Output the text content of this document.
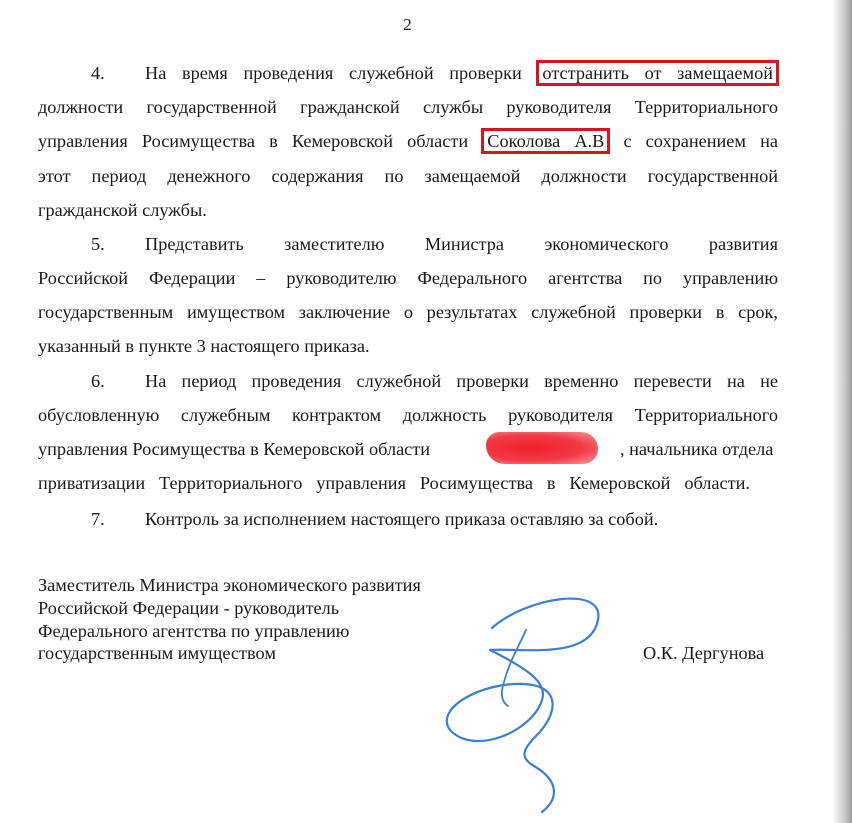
2
4. На время проведения служебной проверки отстранить от замещаемой
должности государственной гражданской службы руководителя Территориального
управления Росимущества в Кемеровской области Соколова А.В с сохранением на
этот период денежного содержания по замещаемой должности государственной
гражданской службы.
5. Представить заместителю Министра экономического развития
Российской Федерации – руководителю Федерального агентства по управлению
государственным имуществом заключение о результатах служебной проверки в срок,
указанный в пункте 3 настоящего приказа.
6. На период проведения служебной проверки временно перевести на не
обусловленную служебным контрактом должность руководителя Территориального
управления Росимущества в Кемеровской области	, начальника отдела
приватизации Территориального управления Росимущества в Кемеровской области.
7. Контроль за исполнением настоящего приказа оставляю за собой.
Заместитель Министра экономического развития
Российской Федерации - руководитель
Федерального агентства по управлению
государственным имуществом	О.К. Дергунова
